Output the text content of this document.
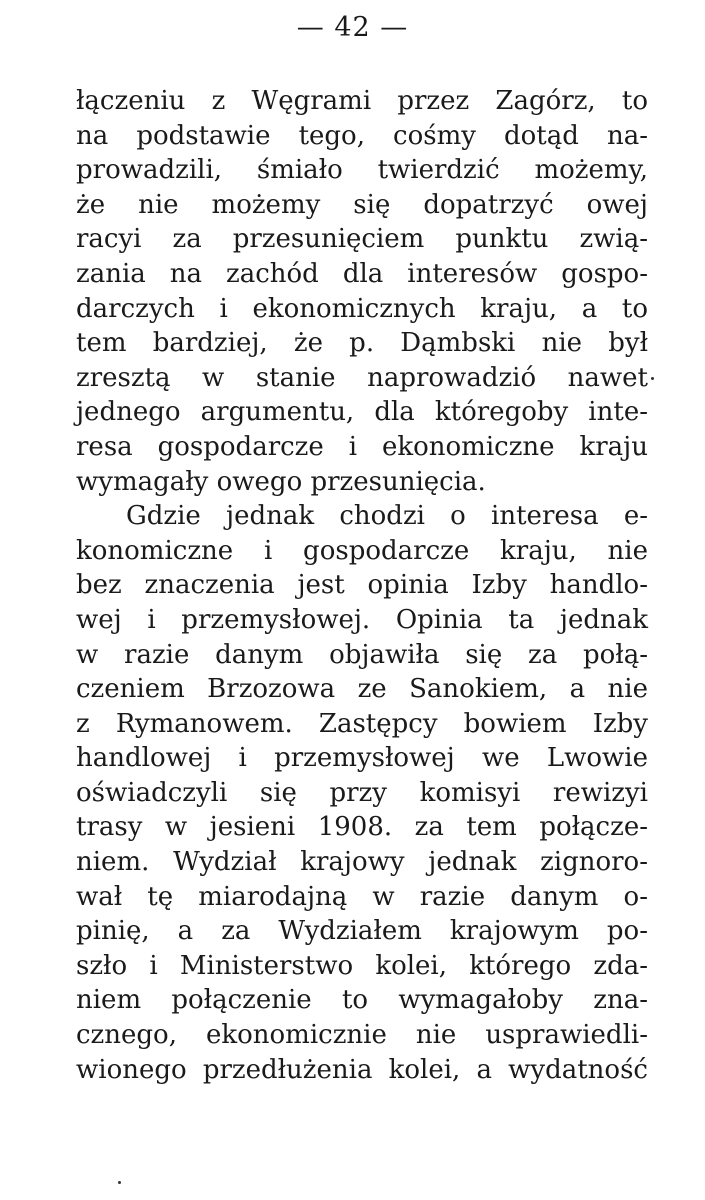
— 42 —
łączeniu z Węgrami przez Zagórz, to
na podstawie tego, cośmy dotąd na-
prowadzili, śmiało twierdzić możemy,
że nie możemy się dopatrzyć owej
racyi za przesunięciem punktu zwią-
zania na zachód dla interesów gospo-
darczych i ekonomicznych kraju, a to
tem bardziej, że p. Dąmbski nie był
zresztą w stanie naprowadzió nawet
jednego argumentu, dla któregoby inte-
resa gospodarcze i ekonomiczne kraju
wymagały owego przesunięcia.
Gdzie jednak chodzi o interesa e-
konomiczne i gospodarcze kraju, nie
bez znaczenia jest opinia Izby handlo-
wej i przemysłowej. Opinia ta jednak
w razie danym objawiła się za połą-
czeniem Brzozowa ze Sanokiem, a nie
z Rymanowem. Zastępcy bowiem Izby
handlowej i przemysłowej we Lwowie
oświadczyli się przy komisyi rewizyi
trasy w jesieni 1908. za tem połącze-
niem. Wydział krajowy jednak zignoro-
wał tę miarodajną w razie danym o-
pinię, a za Wydziałem krajowym po-
szło i Ministerstwo kolei, którego zda-
niem połączenie to wymagałoby zna-
cznego, ekonomicznie nie usprawiedli-
wionego przedłużenia kolei, a wydatność
